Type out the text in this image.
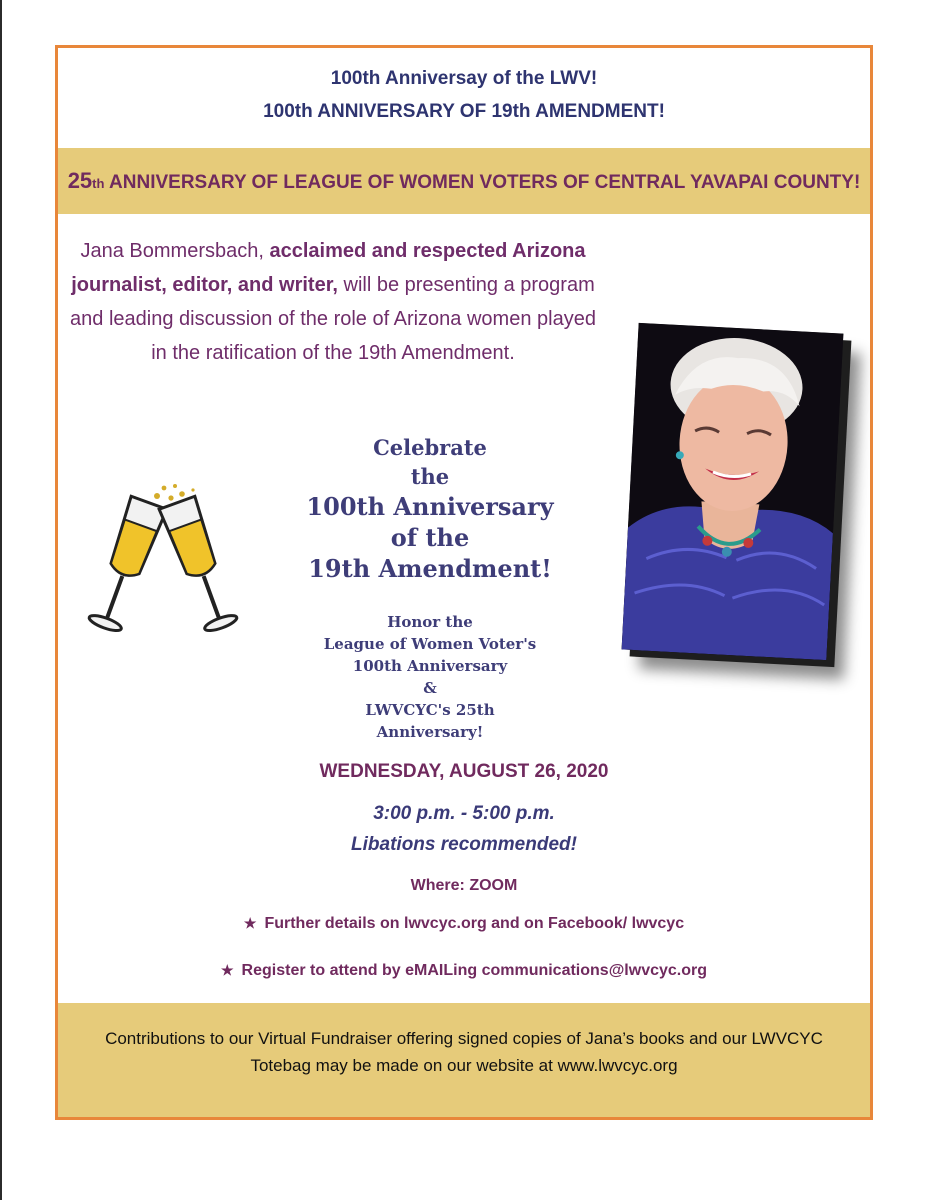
100th Anniversay of the LWV!
100th ANNIVERSARY OF 19th AMENDMENT!
25th ANNIVERSARY OF LEAGUE OF WOMEN VOTERS OF CENTRAL YAVAPAI COUNTY!
Jana Bommersbach, acclaimed and respected Arizona journalist, editor, and writer, will be presenting a program and leading discussion of the role of Arizona women played in the ratification of the 19th Amendment.
Celebrate
the
100th Anniversary
of the
19th Amendment!
Honor the
League of Women Voter's
100th Anniversary
&
LWVCYC's 25th
Anniversary!
WEDNESDAY, AUGUST 26, 2020
3:00 p.m. - 5:00 p.m.
Libations recommended!
Where: ZOOM
★ Further details on lwvcyc.org and on Facebook/ lwvcyc
★ Register to attend by eMAILing communications@lwvcyc.org
Contributions to our Virtual Fundraiser offering signed copies of Jana’s books and our LWVCYC Totebag may be made on our website at www.lwvcyc.org
